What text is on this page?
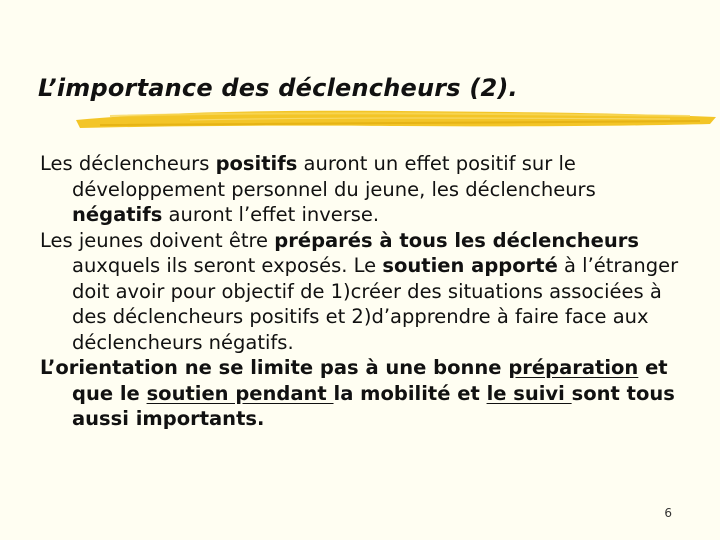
L’importance des déclencheurs (2).

Les déclencheurs positifs auront un effet positif sur le développement personnel du jeune, les déclencheurs négatifs auront l’effet inverse.

Les jeunes doivent être préparés à tous les déclencheurs auxquels ils seront exposés. Le soutien apporté à l’étranger doit avoir pour objectif de 1)créer des situations associées à des déclencheurs positifs et 2)d’apprendre à faire face aux déclencheurs négatifs.

L’orientation ne se limite pas à une bonne préparation et que le soutien pendant la mobilité et le suivi sont tous aussi importants.

6
